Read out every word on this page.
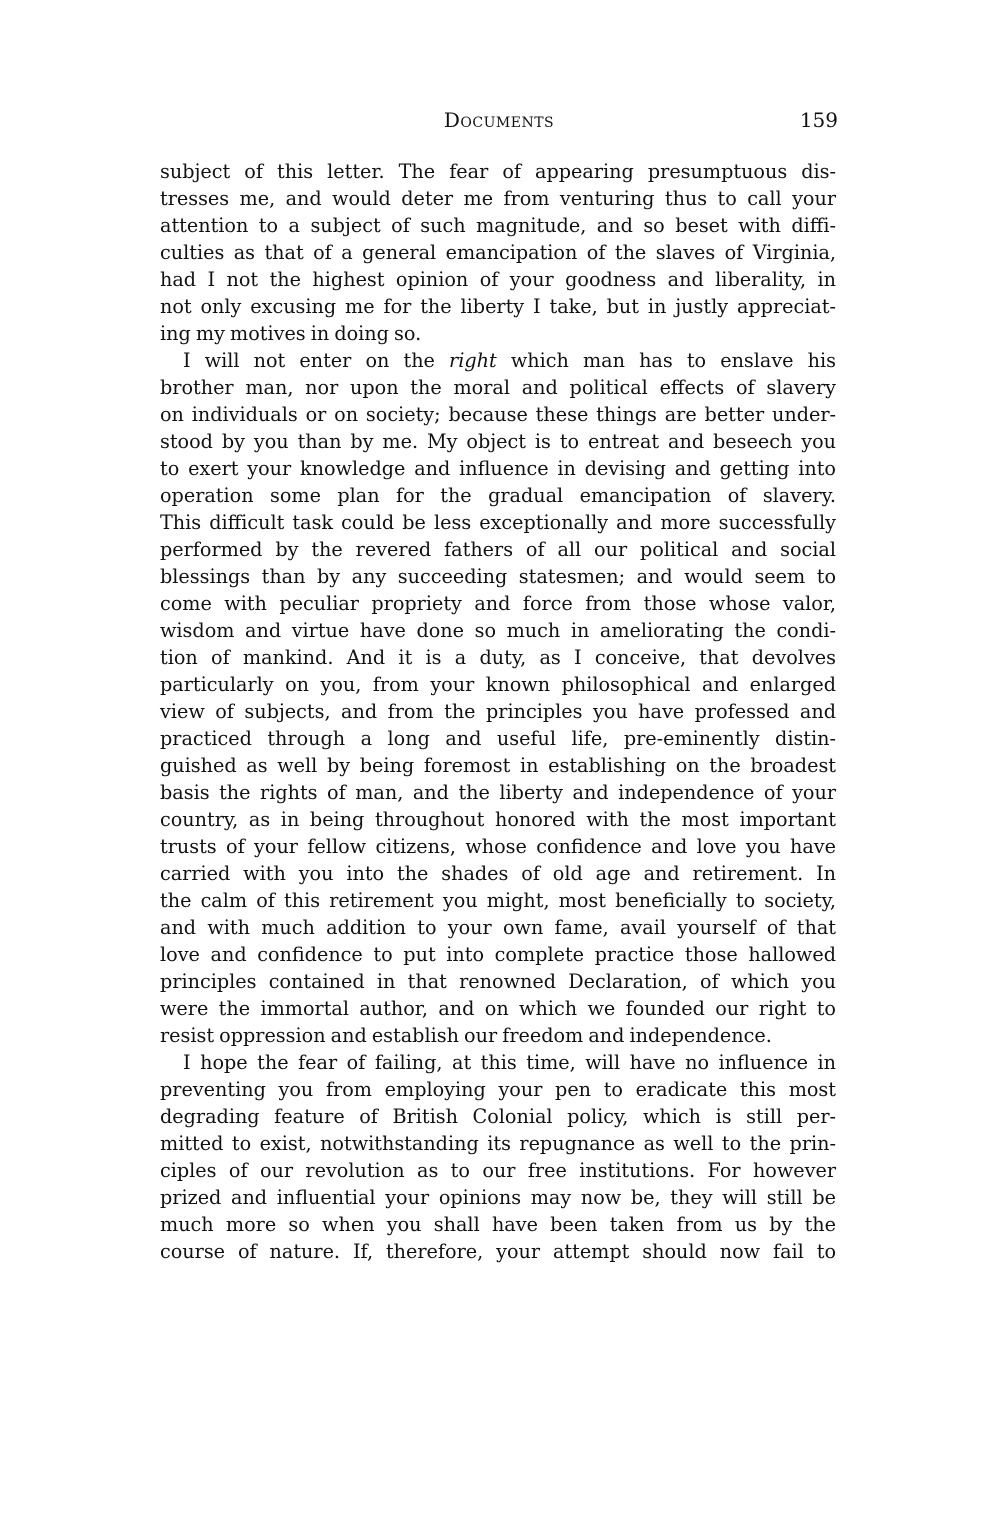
Documents	159
subject of this letter. The fear of appearing presumptuous dis-
tresses me, and would deter me from venturing thus to call your
attention to a subject of such magnitude, and so beset with diffi-
culties as that of a general emancipation of the slaves of Virginia,
had I not the highest opinion of your goodness and liberality, in
not only excusing me for the liberty I take, but in justly appreciat-
ing my motives in doing so.
I will not enter on the right which man has to enslave his
brother man, nor upon the moral and political effects of slavery
on individuals or on society; because these things are better under-
stood by you than by me. My object is to entreat and beseech you
to exert your knowledge and influence in devising and getting into
operation some plan for the gradual emancipation of slavery.
This difficult task could be less exceptionally and more successfully
performed by the revered fathers of all our political and social
blessings than by any succeeding statesmen; and would seem to
come with peculiar propriety and force from those whose valor,
wisdom and virtue have done so much in ameliorating the condi-
tion of mankind. And it is a duty, as I conceive, that devolves
particularly on you, from your known philosophical and enlarged
view of subjects, and from the principles you have professed and
practiced through a long and useful life, pre-eminently distin-
guished as well by being foremost in establishing on the broadest
basis the rights of man, and the liberty and independence of your
country, as in being throughout honored with the most important
trusts of your fellow citizens, whose confidence and love you have
carried with you into the shades of old age and retirement. In
the calm of this retirement you might, most beneficially to society,
and with much addition to your own fame, avail yourself of that
love and confidence to put into complete practice those hallowed
principles contained in that renowned Declaration, of which you
were the immortal author, and on which we founded our right to
resist oppression and establish our freedom and independence.
I hope the fear of failing, at this time, will have no influence in
preventing you from employing your pen to eradicate this most
degrading feature of British Colonial policy, which is still per-
mitted to exist, notwithstanding its repugnance as well to the prin-
ciples of our revolution as to our free institutions. For however
prized and influential your opinions may now be, they will still be
much more so when you shall have been taken from us by the
course of nature. If, therefore, your attempt should now fail to
